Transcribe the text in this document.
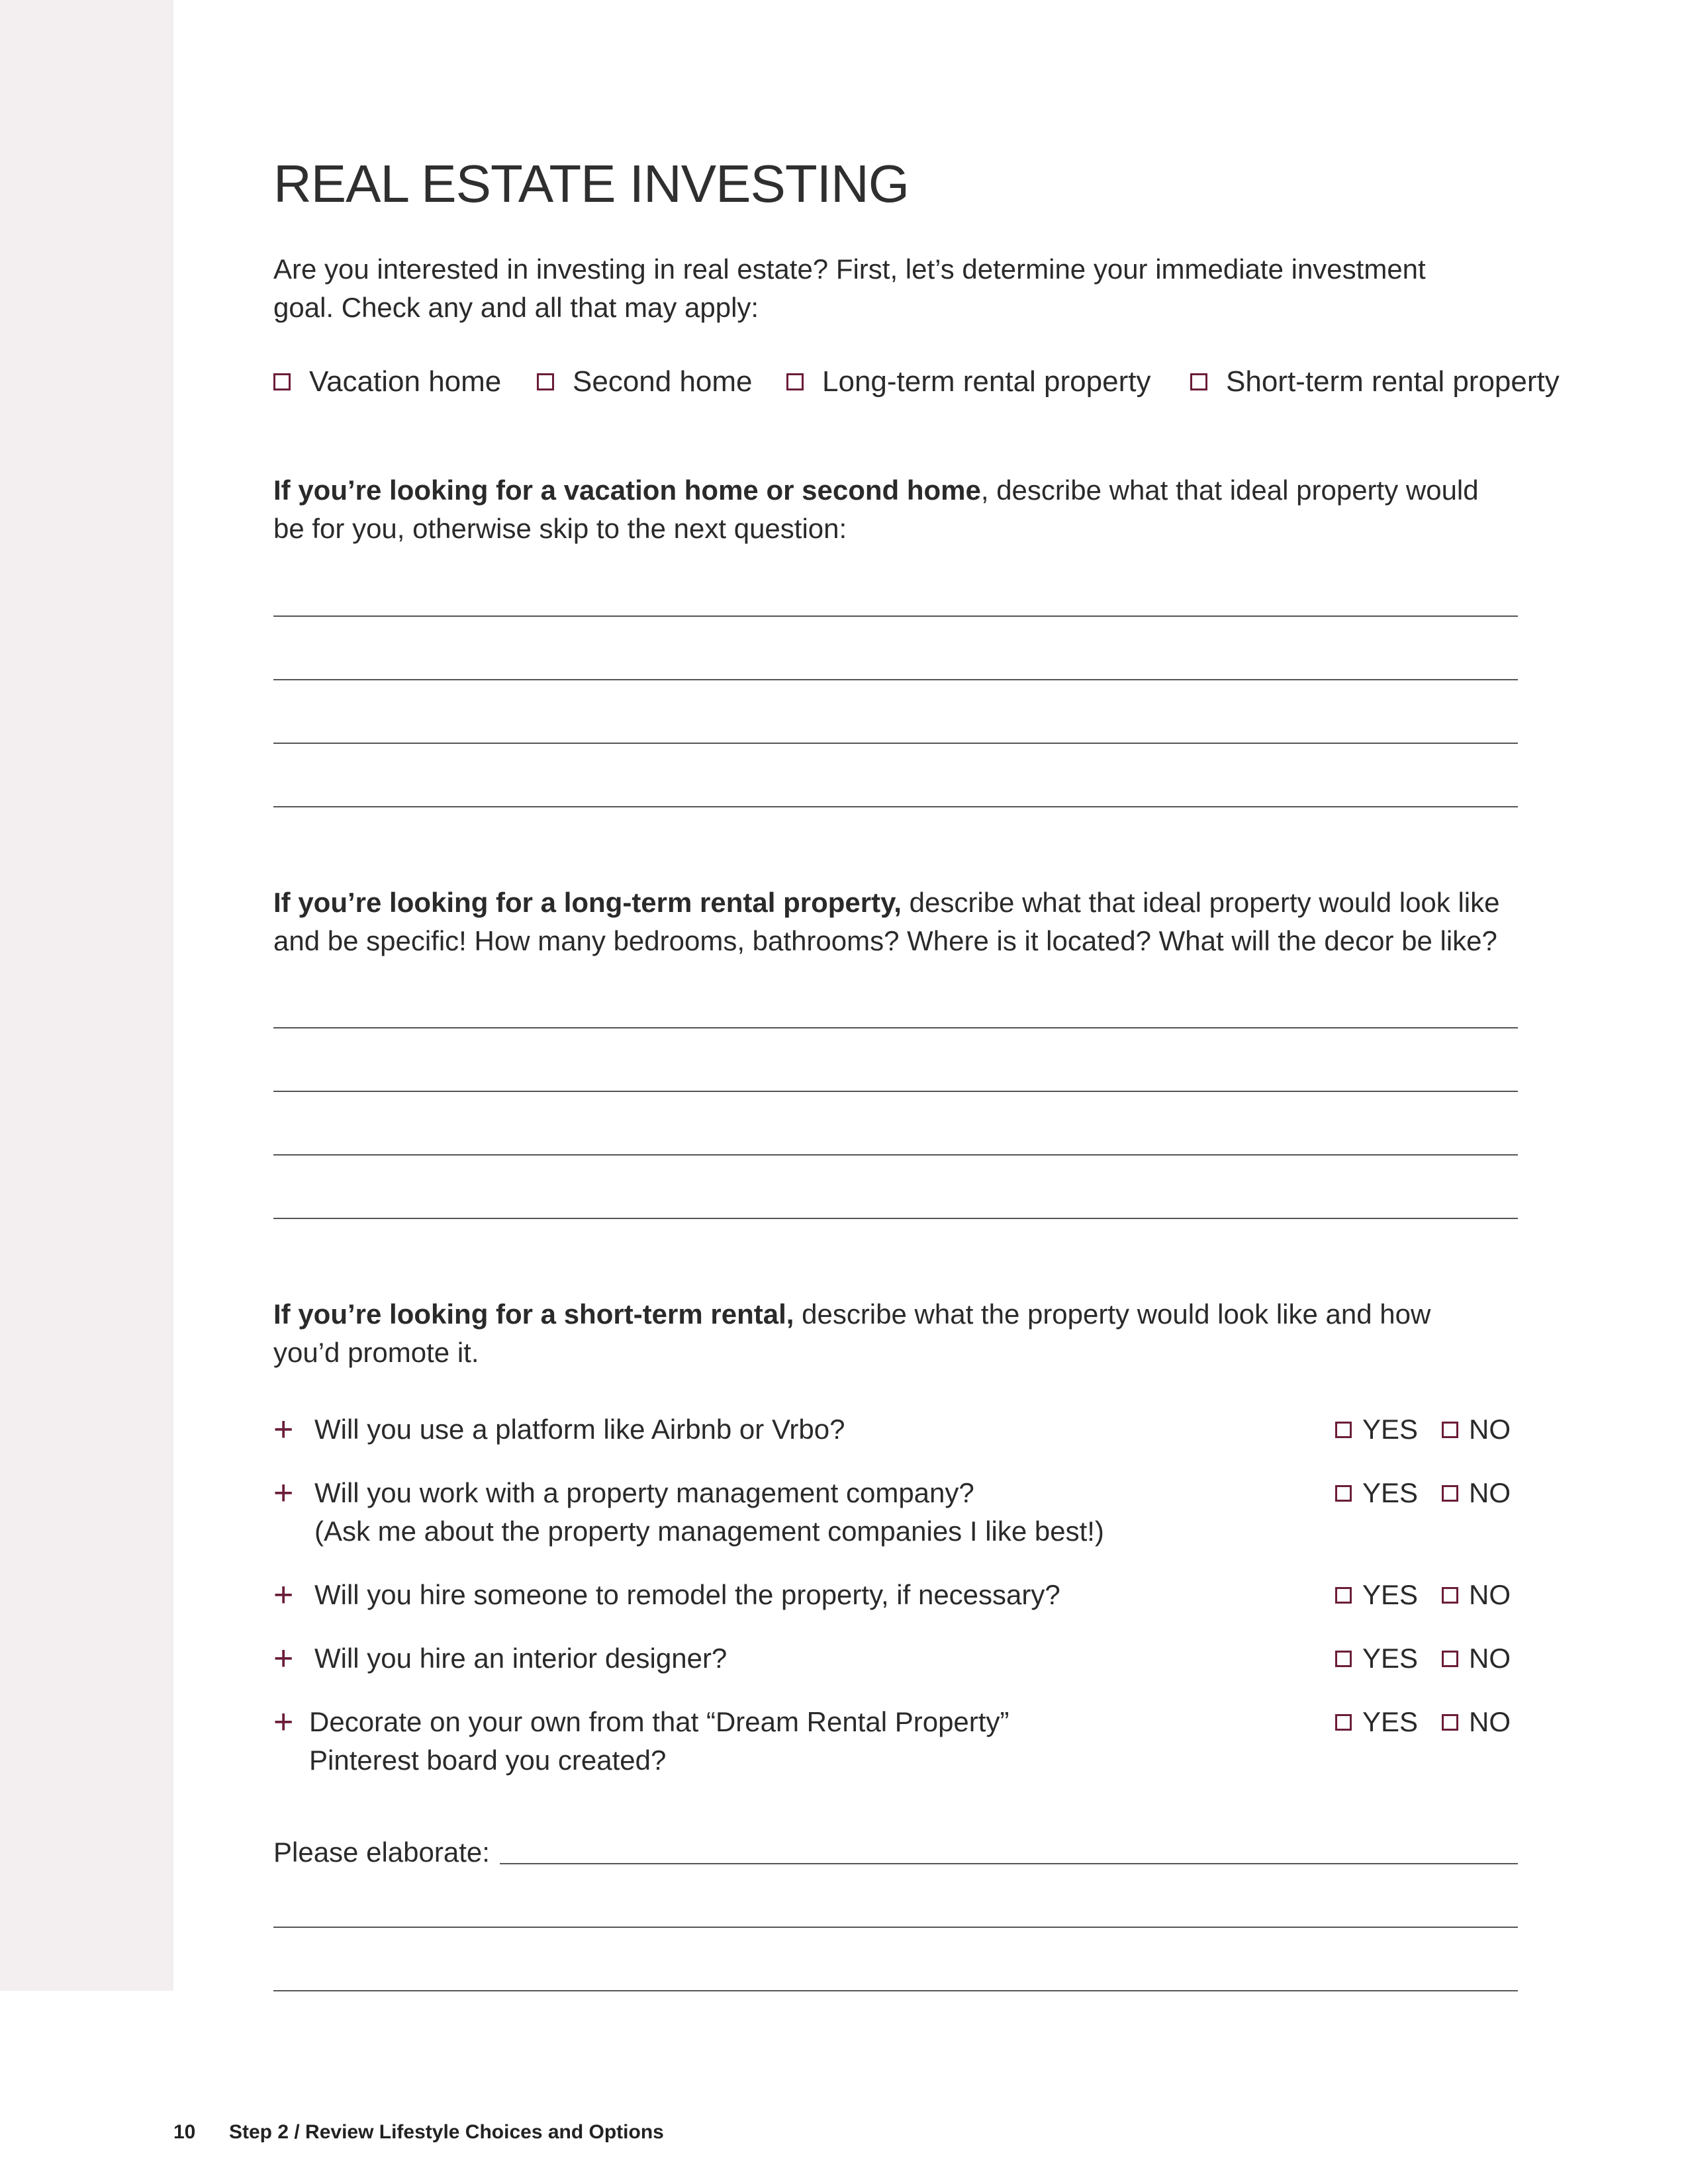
REAL ESTATE INVESTING
Are you interested in investing in real estate? First, let’s determine your immediate investment
goal. Check any and all that may apply:
Vacation home Second home Long-term rental property	Short-term rental property
If you’re looking for a vacation home or second home, describe what that ideal property would
be for you, otherwise skip to the next question:
If you’re looking for a long-term rental property, describe what that ideal property would look like
and be specific! How many bedrooms, bathrooms? Where is it located? What will the decor be like?
If you’re looking for a short-term rental, describe what the property would look like and how
you’d promote it.
+ Will you use a platform like Airbnb or Vrbo?	YES NO
+ Will you work with a property management company?
(Ask me about the property management companies I like best!)
YES NO
+ Will you hire someone to remodel the property, if necessary?	YES NO
+ Will you hire an interior designer?	YES NO
+ Decorate on your own from that “Dream Rental Property”
Pinterest board you created?
YES NO
Please elaborate:
10 Step 2 / Review Lifestyle Choices and Options
